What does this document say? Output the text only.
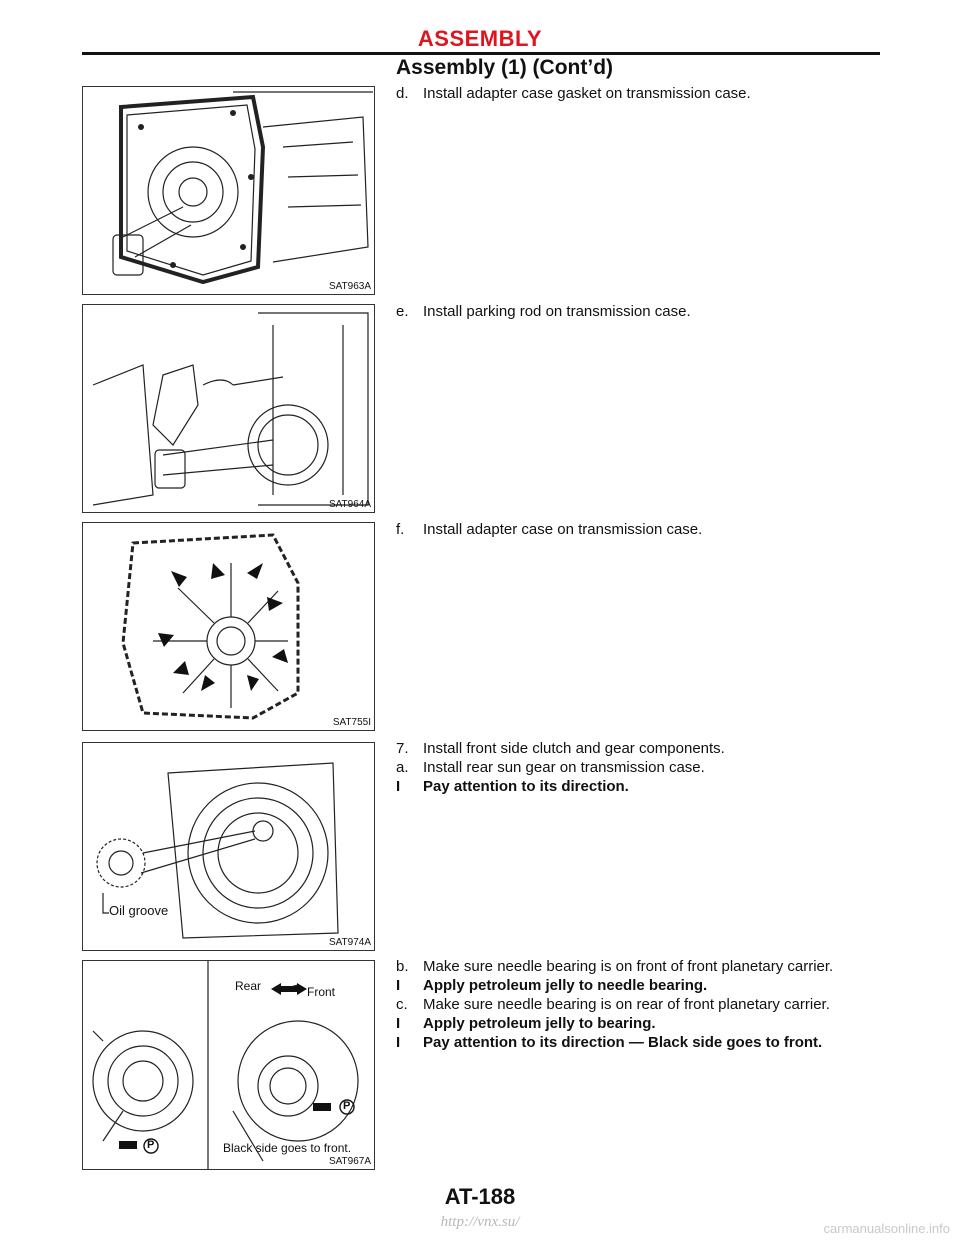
ASSEMBLY
Assembly (1) (Cont’d)
SAT963A
SAT964A
SAT755I
Oil groove
SAT974A
Rear	Front
P
P
Black side goes to front.
SAT967A
d. Install adapter case gasket on transmission case.
e. Install parking rod on transmission case.
f.	Install adapter case on transmission case.
7. Install front side clutch and gear components.
a. Install rear sun gear on transmission case.
I	Pay attention to its direction.
b. Make sure needle bearing is on front of front planetary carrier.
I	Apply petroleum jelly to needle bearing.
c.	Make sure needle bearing is on rear of front planetary carrier.
I	Apply petroleum jelly to bearing.
I	Pay attention to its direction — Black side goes to front.
AT-188
http://vnx.su/	carmanualsonline.info
